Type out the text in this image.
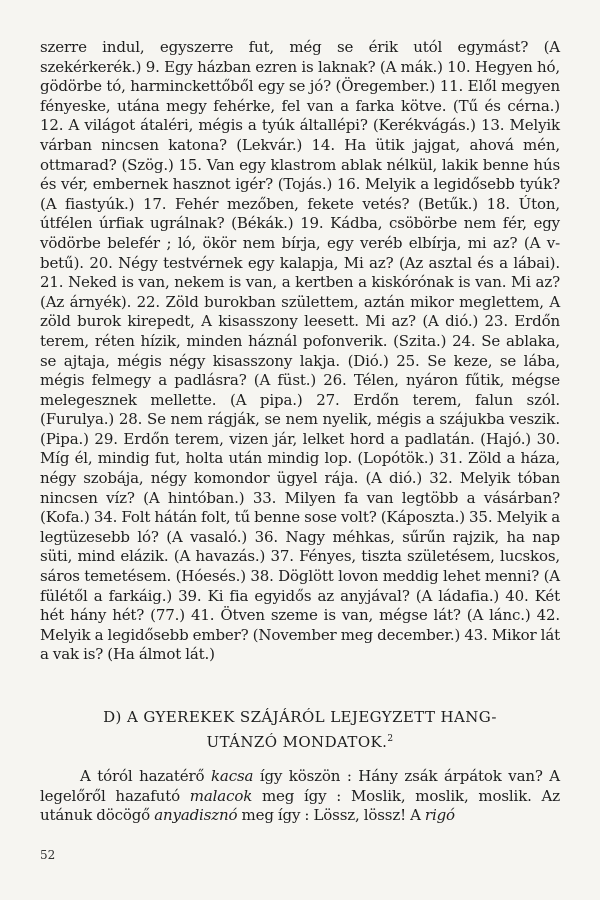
szerre indul, egyszerre fut, még se érik utól egymást? (A szekérkerék.) 9. Egy házban ezren is laknak? (A mák.) 10. Hegyen hó, gödörbe tó, harminckettőből egy se jó? (Öregember.) 11. Elől megyen fényeske, utána megy fehérke, fel van a farka kötve. (Tű és cérna.) 12. A világot átaléri, mégis a tyúk általlépi? (Kerékvágás.) 13. Melyik várban nincsen katona? (Lekvár.) 14. Ha ütik jajgat, ahová mén, ottmarad? (Szög.) 15. Van egy klastrom ablak nélkül, lakik benne hús és vér, embernek hasznot igér? (Tojás.) 16. Melyik a legidősebb tyúk? (A fiastyúk.) 17. Fehér mezőben, fekete vetés? (Betűk.) 18. Úton, útfélen úrfiak ugrálnak? (Békák.) 19. Kádba, csöbörbe nem fér, egy vödörbe belefér ; ló, ökör nem bírja, egy veréb elbírja, mi az? (A v-betű). 20. Négy testvérnek egy kalapja, Mi az? (Az asztal és a lábai). 21. Neked is van, nekem is van, a kertben a kiskórónak is van. Mi az? (Az árnyék). 22. Zöld burokban születtem, aztán mikor meglettem, A zöld burok kirepedt, A kisasszony leesett. Mi az? (A dió.) 23. Erdőn terem, réten hízik, minden háznál pofonverik. (Szita.) 24. Se ablaka, se ajtaja, mégis négy kisasszony lakja. (Dió.) 25. Se keze, se lába, mégis felmegy a padlásra? (A füst.) 26. Télen, nyáron fűtik, mégse melegesznek mellette. (A pipa.) 27. Erdőn terem, falun szól. (Furulya.) 28. Se nem rágják, se nem nyelik, mégis a szájukba veszik. (Pipa.) 29. Erdőn terem, vizen jár, lelket hord a padlatán. (Hajó.) 30. Míg él, mindig fut, holta után mindig lop. (Lopótök.) 31. Zöld a háza, négy szobája, négy komondor ügyel rája. (A dió.) 32. Melyik tóban nincsen víz? (A hintóban.) 33. Milyen fa van legtöbb a vásárban? (Kofa.) 34. Folt hátán folt, tű benne sose volt? (Káposzta.) 35. Melyik a legtüzesebb ló? (A vasaló.) 36. Nagy méhkas, sűrűn rajzik, ha nap süti, mind elázik. (A havazás.) 37. Fényes, tiszta születésem, lucskos, sáros temetésem. (Hóesés.) 38. Döglött lovon meddig lehet menni? (A fülétől a farkáig.) 39. Ki fia egyidős az anyjával? (A ládafia.) 40. Két hét hány hét? (77.) 41. Ötven szeme is van, mégse lát? (A lánc.) 42. Melyik a legidősebb ember? (November meg december.) 43. Mikor lát a vak is? (Ha álmot lát.)

D) A GYEREKEK SZÁJÁRÓL LEJEGYZETT HANG-
UTÁNZÓ MONDATOK.$^2$

A tóról hazatérő kacsa így köszön : Hány zsák árpátok van? A legelőről hazafutó malacok meg így : Moslik, moslik, moslik. Az utánuk döcögő anyadisznó meg így : Lössz, lössz! A rigó

52
